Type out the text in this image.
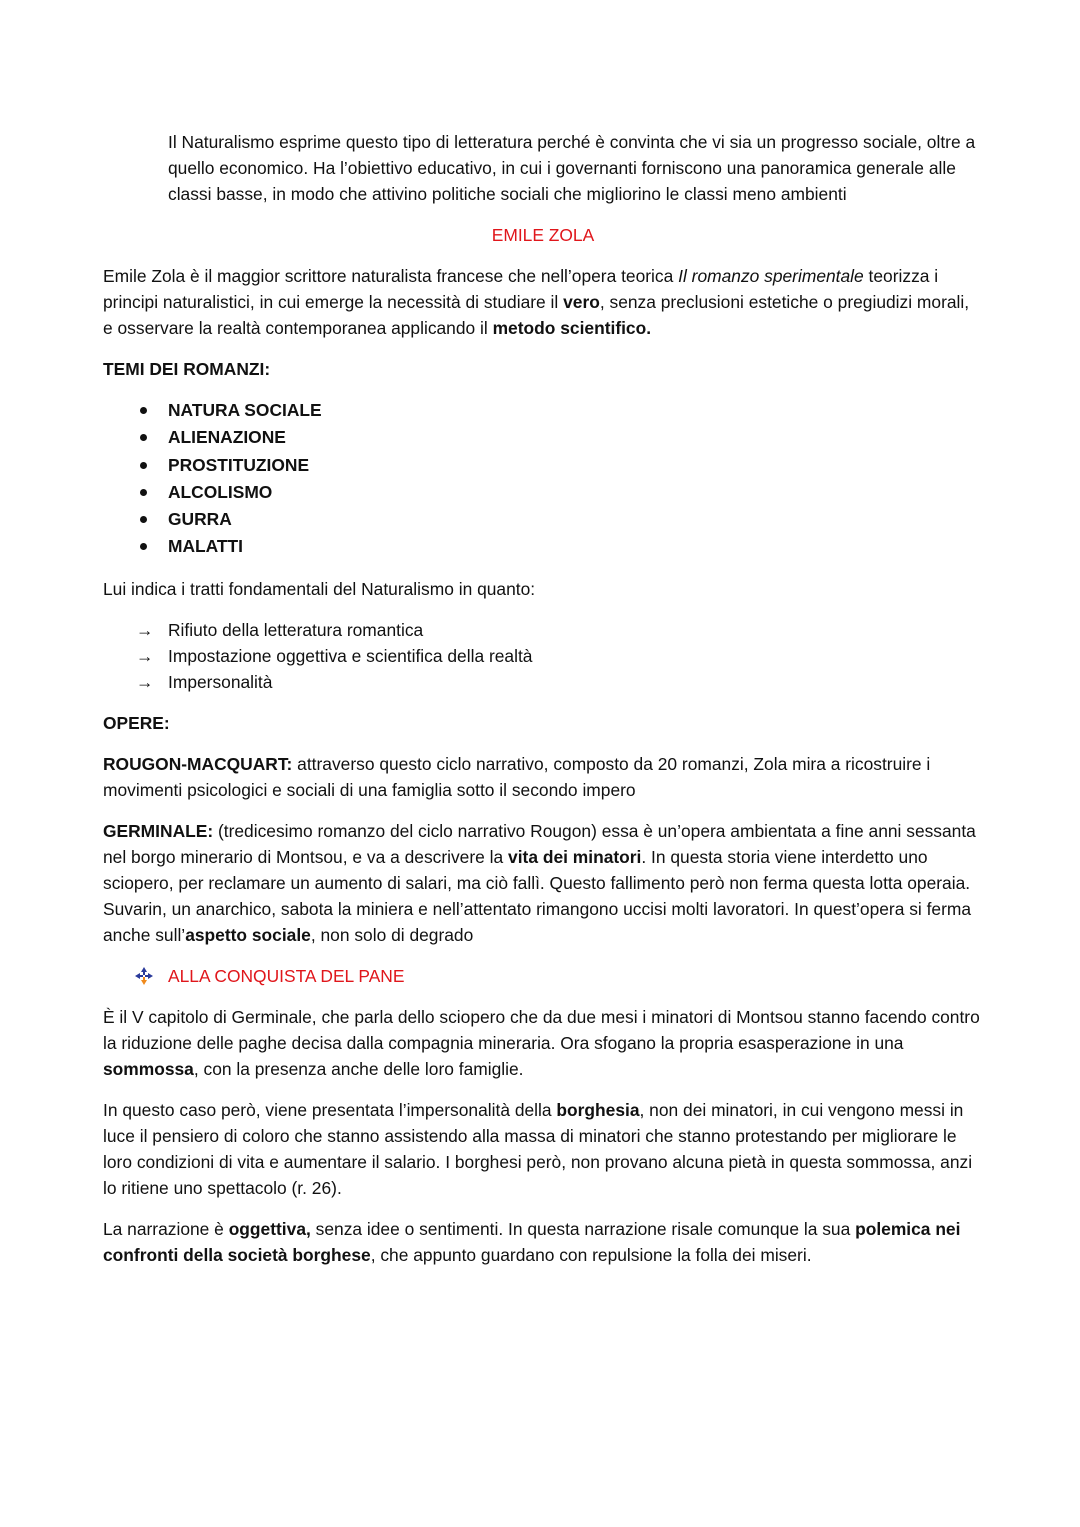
Il Naturalismo esprime questo tipo di letteratura perché è convinta che vi sia un progresso sociale, oltre a quello economico. Ha l’obiettivo educativo, in cui i governanti forniscono una panoramica generale alle classi basse, in modo che attivino politiche sociali che migliorino le classi meno ambienti

EMILE ZOLA

Emile Zola è il maggior scrittore naturalista francese che nell’opera teorica Il romanzo sperimentale teorizza i principi naturalistici, in cui emerge la necessità di studiare il vero, senza preclusioni estetiche o pregiudizi morali, e osservare la realtà contemporanea applicando il metodo scientifico.

TEMI DEI ROMANZI:

NATURA SOCIALE
ALIENAZIONE
PROSTITUZIONE
ALCOLISMO
GURRA
MALATTI

Lui indica i tratti fondamentali del Naturalismo in quanto:

→ Rifiuto della letteratura romantica
→ Impostazione oggettiva e scientifica della realtà
→ Impersonalità

OPERE:

ROUGON-MACQUART: attraverso questo ciclo narrativo, composto da 20 romanzi, Zola mira a ricostruire i movimenti psicologici e sociali di una famiglia sotto il secondo impero

GERMINALE: (tredicesimo romanzo del ciclo narrativo Rougon) essa è un’opera ambientata a fine anni sessanta nel borgo minerario di Montsou, e va a descrivere la vita dei minatori. In questa storia viene interdetto uno sciopero, per reclamare un aumento di salari, ma ciò fallì. Questo fallimento però non ferma questa lotta operaia. Suvarin, un anarchico, sabota la miniera e nell’attentato rimangono uccisi molti lavoratori. In quest’opera si ferma anche sull’aspetto sociale, non solo di degrado

ALLA CONQUISTA DEL PANE

È il V capitolo di Germinale, che parla dello sciopero che da due mesi i minatori di Montsou stanno facendo contro la riduzione delle paghe decisa dalla compagnia mineraria. Ora sfogano la propria esasperazione in una sommossa, con la presenza anche delle loro famiglie.

In questo caso però, viene presentata l’impersonalità della borghesia, non dei minatori, in cui vengono messi in luce il pensiero di coloro che stanno assistendo alla massa di minatori che stanno protestando per migliorare le loro condizioni di vita e aumentare il salario. I borghesi però, non provano alcuna pietà in questa sommossa, anzi lo ritiene uno spettacolo (r. 26).

La narrazione è oggettiva, senza idee o sentimenti. In questa narrazione risale comunque la sua polemica nei confronti della società borghese, che appunto guardano con repulsione la folla dei miseri.
